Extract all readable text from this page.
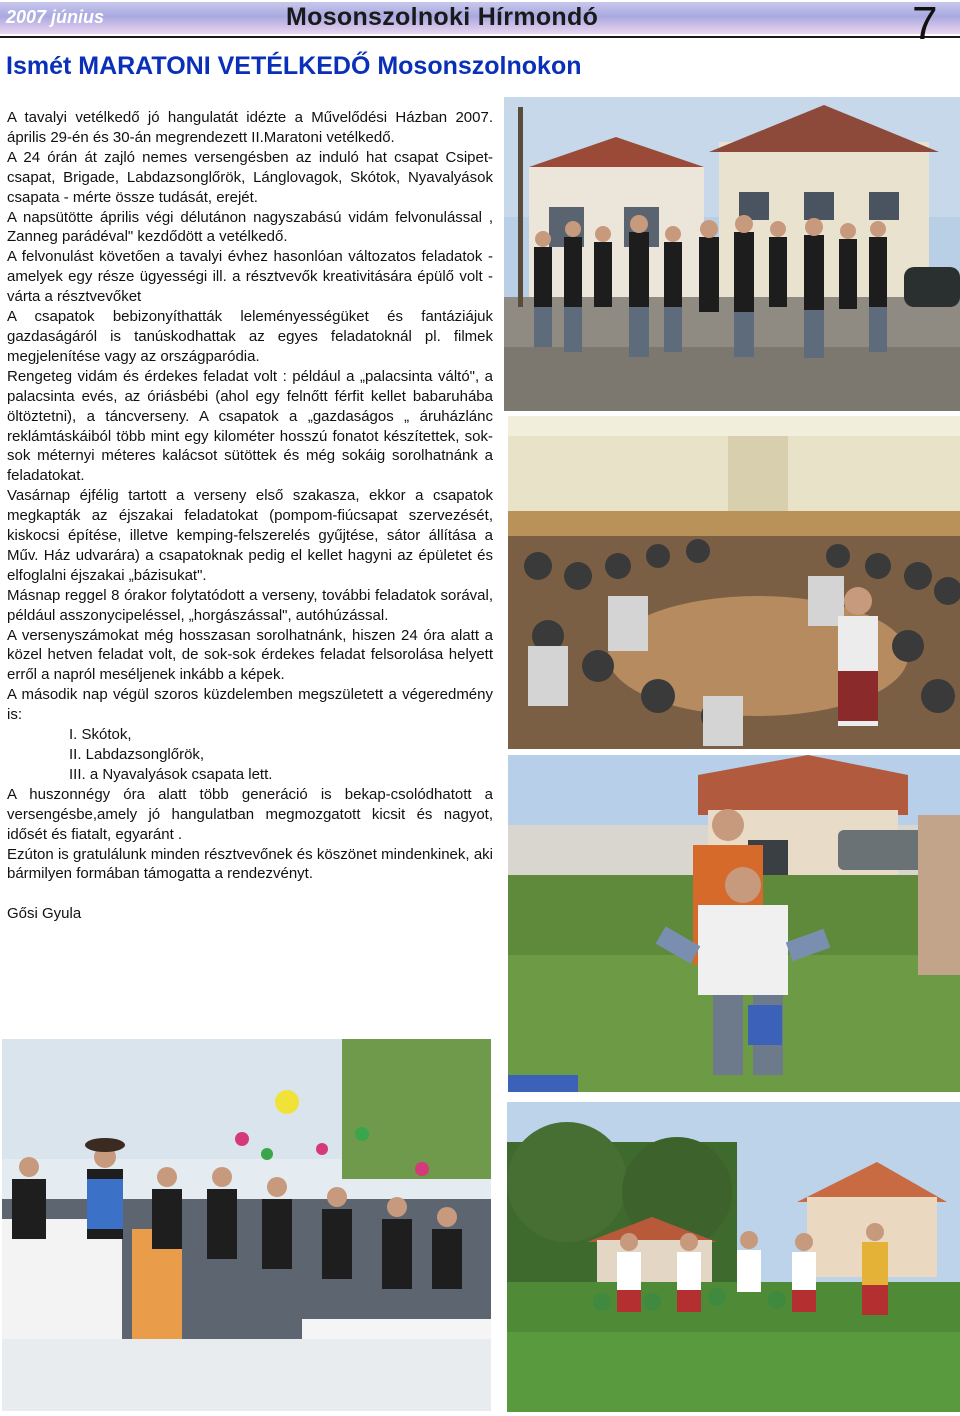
2007 június	Mosonszolnoki Hírmondó	7
Ismét MARATONI VETÉLKEDŐ Mosonszolnokon

A tavalyi vetélkedő jó hangulatát idézte a Művelődési Házban 2007. április 29-én és 30-án megrendezett II.Maratoni vetélkedő.

A 24 órán át zajló nemes versengésben az induló hat csapat Csipet-csapat, Brigade, Labdazsonglőrök, Lánglovagok, Skótok, Nyavalyások csapata - mérte össze tudását, erejét.

A napsütötte április végi délutánon nagyszabású vidám felvonulással , Zanneg parádéval" kezdődött a vetélkedő.

A felvonulást követően a tavalyi évhez hasonlóan változatos feladatok - amelyek egy része ügyességi ill. a résztvevők kreativitására épülő volt - várta a résztvevőket

A csapatok bebizonyíthatták leleményességüket és fantáziájuk gazdaságáról is tanúskodhattak az egyes feladatoknál pl. filmek megjelenítése vagy az országparódia.

Rengeteg vidám és érdekes feladat volt : például a „palacsinta váltó", a palacsinta evés, az óriásbébi (ahol egy felnőtt férfit kellet babaruhába öltöztetni), a táncverseny. A csapatok a „gazdaságos „ áruházlánc reklámtáskáiból több mint egy kilométer hosszú fonatot készítettek, sok-sok méternyi méteres kalácsot sütöttek és még sokáig sorolhatnánk a feladatokat.

Vasárnap éjfélig tartott a verseny első szakasza, ekkor a csapatok megkapták az éjszakai feladatokat (pompom-fiúcsapat szervezését, kiskocsi építése, illetve kemping-felszerelés gyűjtése, sátor állítása a Műv. Ház udvarára) a csapatoknak pedig el kellet hagyni az épületet és elfoglalni éjszakai „bázisukat".

Másnap reggel 8 órakor folytatódott a verseny, további feladatok sorával, például asszonycipeléssel, „horgászással", autóhúzással.

A versenyszámokat még hosszasan sorolhatnánk, hiszen 24 óra alatt a közel hetven feladat volt, de sok-sok érdekes feladat felsorolása helyett erről a napról meséljenek inkább a képek.

A második nap végül szoros küzdelemben megszületett a végeredmény is:

I. Skótok,

II. Labdazsonglőrök,

III. a Nyavalyások csapata lett.

A huszonnégy óra alatt több generáció is bekap-csolódhatott a versengésbe,amely jó hangulatban megmozgatott kicsit és nagyot, idősét és fiatalt, egyaránt .

Ezúton is gratulálunk minden résztvevőnek és köszönet mindenkinek, aki bármilyen formában támogatta a rendezvényt.

Gősi Gyula
